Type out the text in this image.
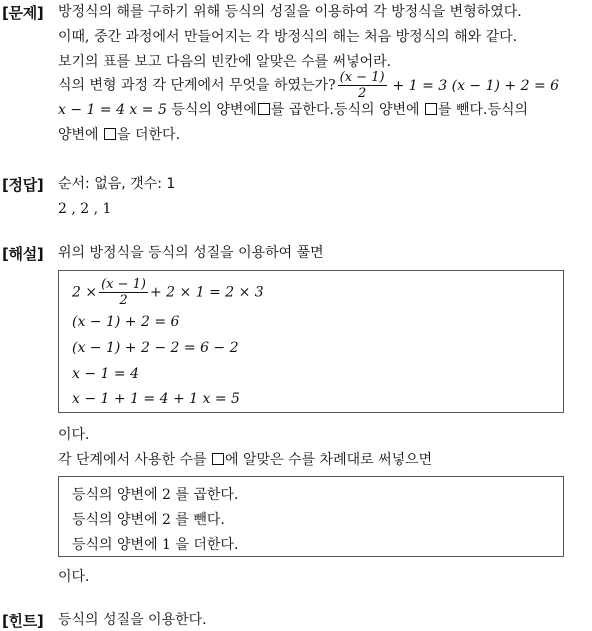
[문제] 방정식의 해를 구하기 위해 등식의 성질을 이용하여 각 방정식을 변형하였다.
이때, 중간 과정에서 만들어지는 각 방정식의 해는 처음 방정식의 해와 같다.
보기의 표를 보고 다음의 빈칸에 알맞은 수를 써넣어라.
식의 변형 과정 각 단계에서 무엇을 하였는가? $\frac{(x - 1)}{2} + 1 = 3$ (x − 1) + 2 = 6
x − 1 = 4 x = 5 등식의 양변에 를 곱한다.등식의 양변에 를 뺀다.등식의
양변에 을 더한다.
[정답] 순서: 없음, 갯수: 1
2 , 2 , 1
[해설] 위의 방정식을 등식의 성질을 이용하여 풀면
$2 \times \frac{(x - 1)}{2} + 2 \times 1 = 2 \times 3$
(x − 1) + 2 = 6
(x − 1) + 2 − 2 = 6 − 2
x − 1 = 4
x − 1 + 1 = 4 + 1 x = 5
이다.
각 단계에서 사용한 수를 에 알맞은 수를 차례대로 써넣으면
등식의 양변에 2 를 곱한다.
등식의 양변에 2 를 뺀다.
등식의 양변에 1 을 더한다.
이다.
[힌트] 등식의 성질을 이용한다.
